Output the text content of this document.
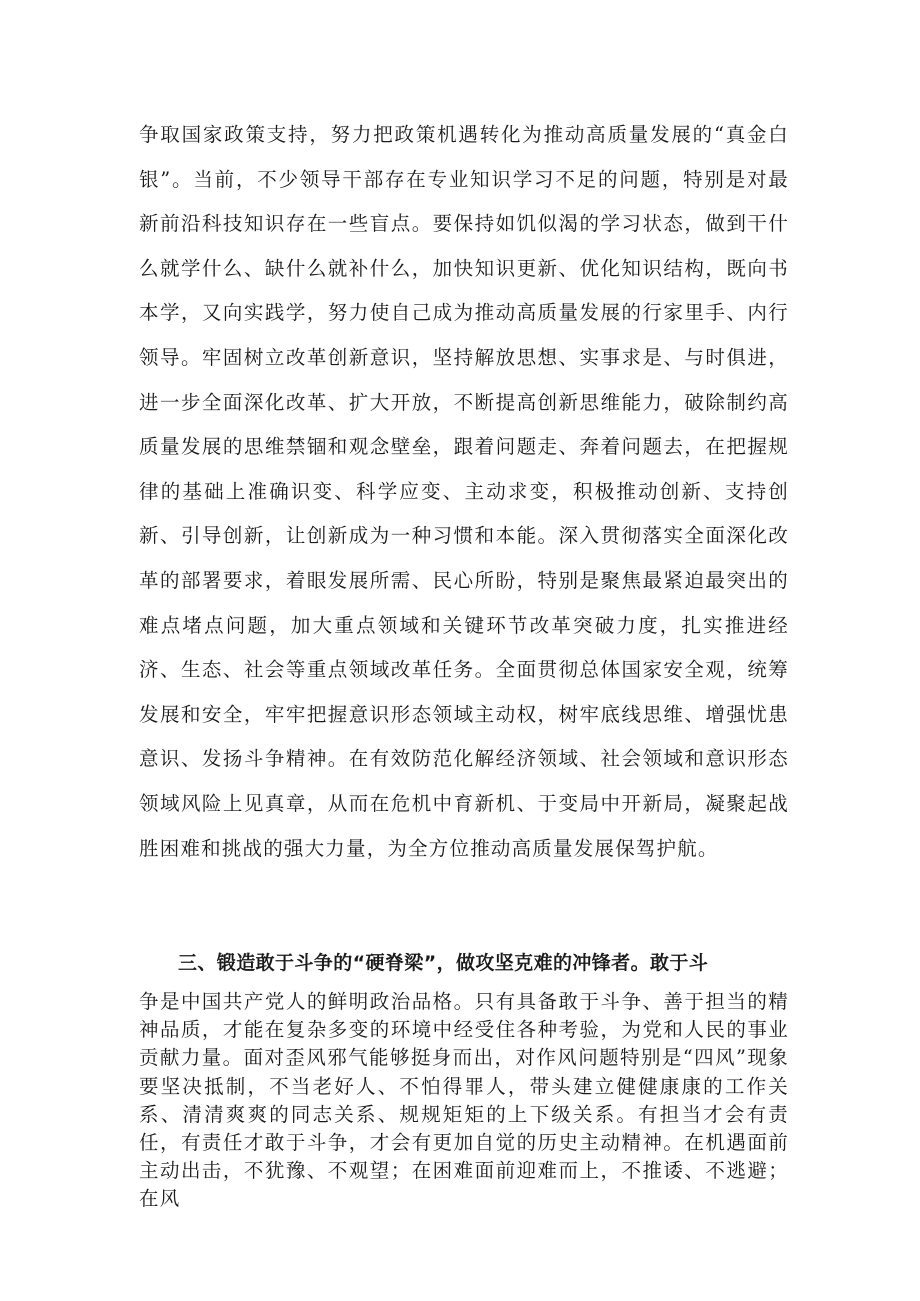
争取国家政策支持，努力把政策机遇转化为推动高质量发展的“真金白银”。当前，不少领导干部存在专业知识学习不足的问题，特别是对最新前沿科技知识存在一些盲点。要保持如饥似渴的学习状态，做到干什么就学什么、缺什么就补什么，加快知识更新、优化知识结构，既向书本学，又向实践学，努力使自己成为推动高质量发展的行家里手、内行领导。牢固树立改革创新意识，坚持解放思想、实事求是、与时俱进，进一步全面深化改革、扩大开放，不断提高创新思维能力，破除制约高质量发展的思维禁锢和观念壁垒，跟着问题走、奔着问题去，在把握规律的基础上准确识变、科学应变、主动求变，积极推动创新、支持创新、引导创新，让创新成为一种习惯和本能。深入贯彻落实全面深化改革的部署要求，着眼发展所需、民心所盼，特别是聚焦最紧迫最突出的难点堵点问题，加大重点领域和关键环节改革突破力度，扎实推进经济、生态、社会等重点领域改革任务。全面贯彻总体国家安全观，统筹发展和安全，牢牢把握意识形态领域主动权，树牢底线思维、增强忧患意识、发扬斗争精神。在有效防范化解经济领域、社会领域和意识形态领域风险上见真章，从而在危机中育新机、于变局中开新局，凝聚起战胜困难和挑战的强大力量，为全方位推动高质量发展保驾护航。

三、锻造敢于斗争的“硬脊梁”，做攻坚克难的冲锋者。敢于斗

争是中国共产党人的鲜明政治品格。只有具备敢于斗争、善于担当的精神品质，才能在复杂多变的环境中经受住各种考验，为党和人民的事业贡献力量。面对歪风邪气能够挺身而出，对作风问题特别是“四风”现象要坚决抵制，不当老好人、不怕得罪人，带头建立健健康康的工作关系、清清爽爽的同志关系、规规矩矩的上下级关系。有担当才会有责任，有责任才敢于斗争，才会有更加自觉的历史主动精神。在机遇面前主动出击，不犹豫、不观望；在困难面前迎难而上，不推诿、不逃避；在风
